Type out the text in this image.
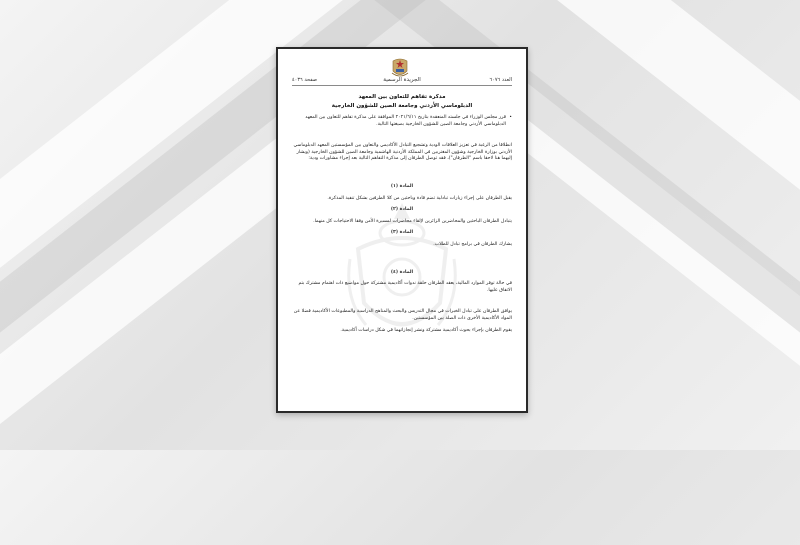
العدد ٦٠٧٦
الجريدة الرسمية
صفحة ٤٠٣٦
مذكرة تفاهم للتعاون بين المعهد
الدبلوماسي الأردني وجامعة الصين للشؤون الخارجية

• قرر مجلس الوزراء في جلسته المنعقدة بتاريخ ٢٠٢١/٦/١١ الموافقة على مذكرة تفاهم للتعاون بين المعهد الدبلوماسي الأردني وجامعة الصين للشؤون الخارجية بصيغتها التالية.

انطلاقا من الرغبة في تعزيز العلاقات الودية وتشجيع التبادل الأكاديمي والتعاون بين المؤسستين المعهد الدبلوماسي الأردني بوزارة الخارجية وشؤون المغتربين في المملكة الأردنية الهاشمية وجامعة الصين للشؤون الخارجية (ويشار إليهما هنا لاحقا باسم "الطرفان")، فقد توصل الطرفان إلى مذكرة التفاهم التالية بعد إجراء مشاورات ودية:

المادة (١)

يقبل الطرفان على إجراء زيارات تبادلية تضم قادة وباحثين من كلا الطرفين بشكل تنفيذ المذكرة.

المادة (٢)

يتبادل الطرفان الباحثين والمحاضرين الزائرين لإلقاء محاضرات لمسيرة الأمن وفقا الاحتياجات كل منهما.

المادة (٣)

يشارك الطرفان في برامج تبادل للطلاب.

المادة (٤)

في حالة توفر الموارد المالية، يعقد الطرفان حلقة ندوات أكاديمية مشتركة حول مواضيع ذات اهتمام مشترك بتم الاتفاق عليها.

يوافق الطرفان على تبادل الخبرات في مجال التدريس والبحث والمناهج الدراسية والمطبوعات الأكاديمية فضلا عن المواد الأكاديمية الأخرى ذات الصلة بين المؤسستين.

يقوم الطرفان بإجراء بحوث أكاديمية مشتركة ونشر إنجازاتهما في شكل دراسات أكاديمية.
